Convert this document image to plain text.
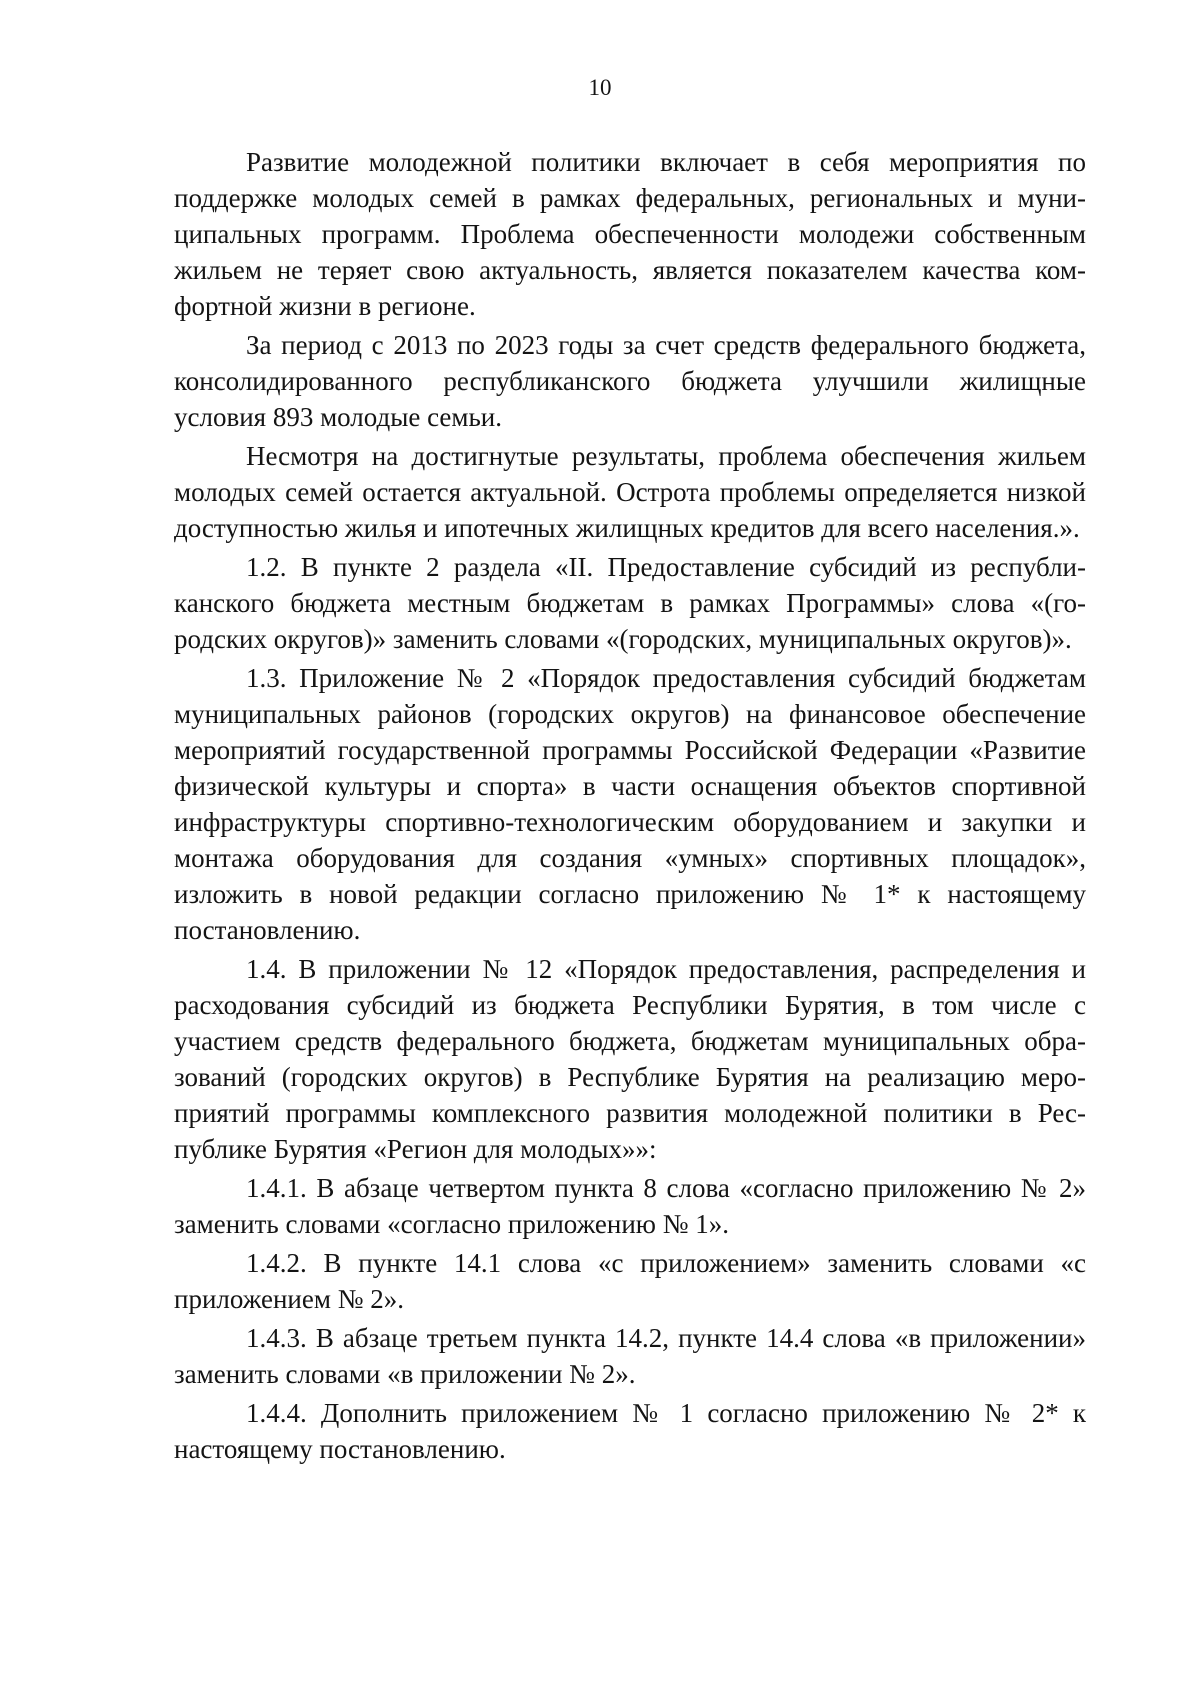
10

Развитие молодежной политики включает в себя мероприятия по поддержке молодых семей в рамках федеральных, региональных и муниципальных программ. Проблема обеспеченности молодежи собственным жильем не теряет свою актуальность, является показателем качества комфортной жизни в регионе.

За период с 2013 по 2023 годы за счет средств федерального бюджета, консолидированного республиканского бюджета улучшили жилищные условия 893 молодые семьи.

Несмотря на достигнутые результаты, проблема обеспечения жильем молодых семей остается актуальной. Острота проблемы определяется низкой доступностью жилья и ипотечных жилищных кредитов для всего населения.».

1.2. В пункте 2 раздела «II. Предоставление субсидий из республиканского бюджета местным бюджетам в рамках Программы» слова «(городских округов)» заменить словами «(городских, муниципальных округов)».

1.3. Приложение № 2 «Порядок предоставления субсидий бюджетам муниципальных районов (городских округов) на финансовое обеспечение мероприятий государственной программы Российской Федерации «Развитие физической культуры и спорта» в части оснащения объектов спортивной инфраструктуры спортивно-технологическим оборудованием и закупки и монтажа оборудования для создания «умных» спортивных площадок», изложить в новой редакции согласно приложению № 1* к настоящему постановлению.

1.4. В приложении № 12 «Порядок предоставления, распределения и расходования субсидий из бюджета Республики Бурятия, в том числе с участием средств федерального бюджета, бюджетам муниципальных образований (городских округов) в Республике Бурятия на реализацию мероприятий программы комплексного развития молодежной политики в Республике Бурятия «Регион для молодых»»:

1.4.1. В абзаце четвертом пункта 8 слова «согласно приложению № 2» заменить словами «согласно приложению № 1».

1.4.2. В пункте 14.1 слова «с приложением» заменить словами «с приложением № 2».

1.4.3. В абзаце третьем пункта 14.2, пункте 14.4 слова «в приложении» заменить словами «в приложении № 2».

1.4.4. Дополнить приложением № 1 согласно приложению № 2* к настоящему постановлению.
